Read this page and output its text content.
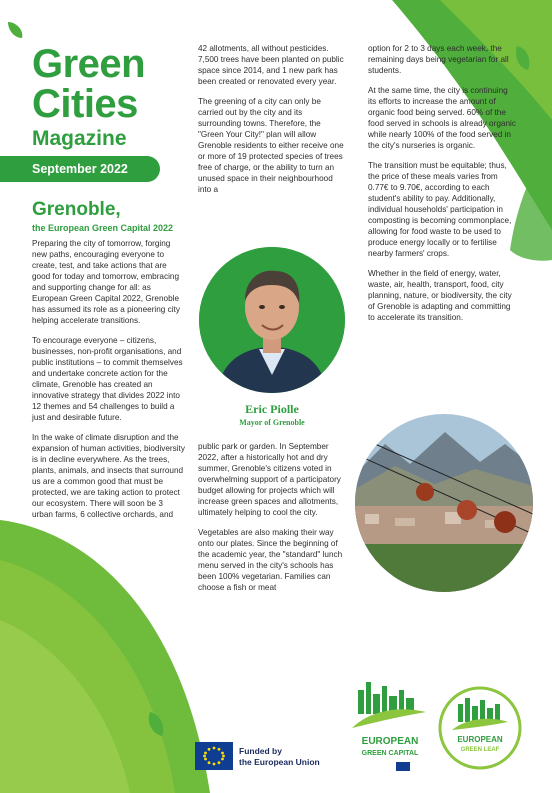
Green
Cities
Magazine
September 2022
Grenoble,
the European Green Capital 2022

Preparing the city of tomorrow, forging new paths, encouraging everyone to create, test, and take actions that are good for today and tomorrow, embracing and supporting change for all: as European Green Capital 2022, Grenoble has assumed its role as a pioneering city helping accelerate transitions.

To encourage everyone – citizens, businesses, non-profit organisations, and public institutions – to commit themselves and undertake concrete action for the climate, Grenoble has created an innovative strategy that divides 2022 into 12 themes and 54 challenges to build a just and desirable future.

In the wake of climate disruption and the expansion of human activities, biodiversity is in decline everywhere. As the trees, plants, animals, and insects that surround us are a common good that must be protected, we are taking action to protect our ecosystem. There will soon be 3 urban farms, 6 collective orchards, and

42 allotments, all without pesticides. 7,500 trees have been planted on public space since 2014, and 1 new park has been created or renovated every year.

The greening of a city can only be carried out by the city and its surrounding towns. Therefore, the "Green Your City!" plan will allow Grenoble residents to either receive one or more of 19 protected species of trees free of charge, or the ability to turn an unused space in their neighbourhood into a

Eric Piolle
Mayor of Grenoble

public park or garden. In September 2022, after a historically hot and dry summer, Grenoble's citizens voted in overwhelming support of a participatory budget allowing for projects which will increase green spaces and allotments, ultimately helping to cool the city.

Vegetables are also making their way onto our plates. Since the beginning of the academic year, the "standard" lunch menu served in the city's schools has been 100% vegetarian. Families can choose a fish or meat

option for 2 to 3 days each week, the remaining days being vegetarian for all students.

At the same time, the city is continuing its efforts to increase the amount of organic food being served. 60% of the food served in schools is already organic while nearly 100% of the food served in the city's nurseries is organic.

The transition must be equitable; thus, the price of these meals varies from 0.77€ to 9.70€, according to each student's ability to pay. Additionally, individual households' participation in composting is becoming commonplace, allowing for food waste to be used to produce energy locally or to fertilise nearby farmers' crops.

Whether in the field of energy, water, waste, air, health, transport, food, city planning, nature, or biodiversity, the city of Grenoble is adapting and committing to accelerate its transition.

Funded by
the European Union
EUROPEAN
GREEN CAPITAL
EUROPEAN
GREEN LEAF
